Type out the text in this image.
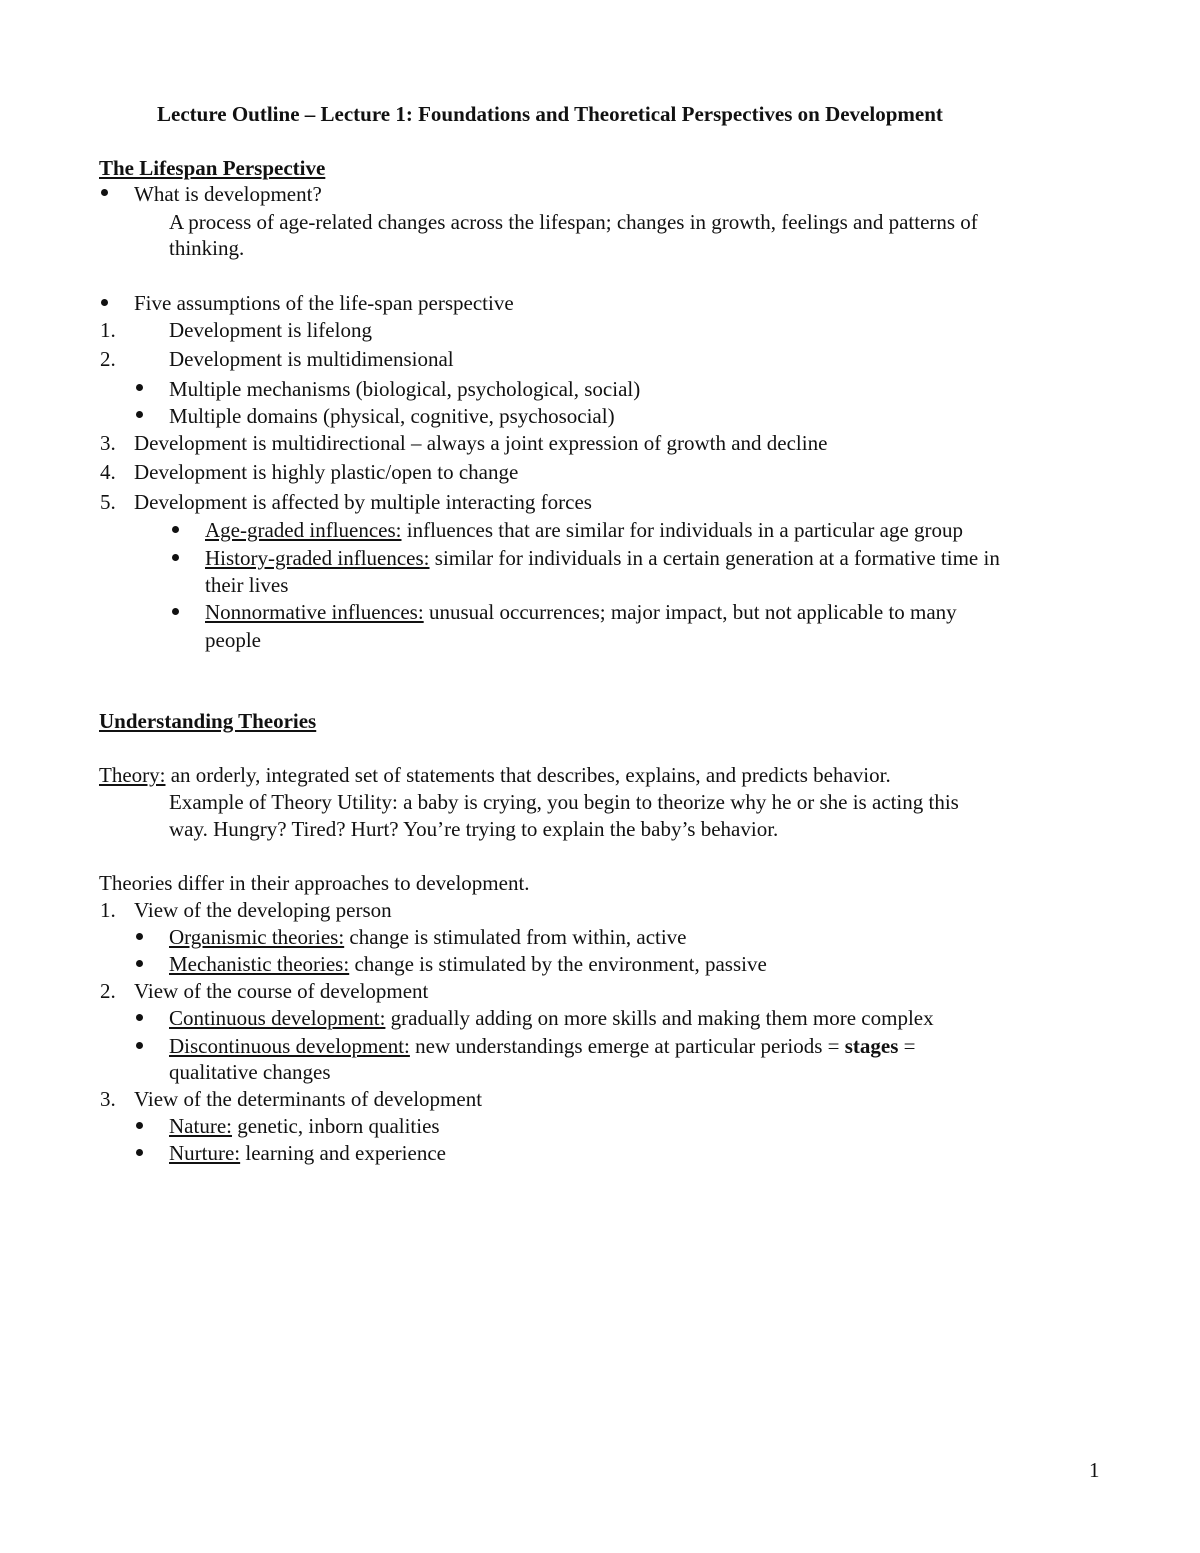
Lecture Outline – Lecture 1: Foundations and Theoretical Perspectives on Development
The Lifespan Perspective
What is development?
A process of age-related changes across the lifespan; changes in growth, feelings and patterns of
thinking.
Five assumptions of the life-span perspective
1.	Development is lifelong
2.	Development is multidimensional
Multiple mechanisms (biological, psychological, social)
Multiple domains (physical, cognitive, psychosocial)
3. Development is multidirectional – always a joint expression of growth and decline
4. Development is highly plastic/open to change
5. Development is affected by multiple interacting forces
Age-graded influences: influences that are similar for individuals in a particular age group
History-graded influences: similar for individuals in a certain generation at a formative time in
their lives
Nonnormative influences: unusual occurrences; major impact, but not applicable to many
people
Understanding Theories
Theory: an orderly, integrated set of statements that describes, explains, and predicts behavior.
Example of Theory Utility: a baby is crying, you begin to theorize why he or she is acting this
way. Hungry? Tired? Hurt? You’re trying to explain the baby’s behavior.
Theories differ in their approaches to development.
1. View of the developing person
Organismic theories: change is stimulated from within, active
Mechanistic theories: change is stimulated by the environment, passive
2. View of the course of development
Continuous development: gradually adding on more skills and making them more complex
Discontinuous development: new understandings emerge at particular periods = stages =
qualitative changes
3. View of the determinants of development
Nature: genetic, inborn qualities
Nurture: learning and experience
1
